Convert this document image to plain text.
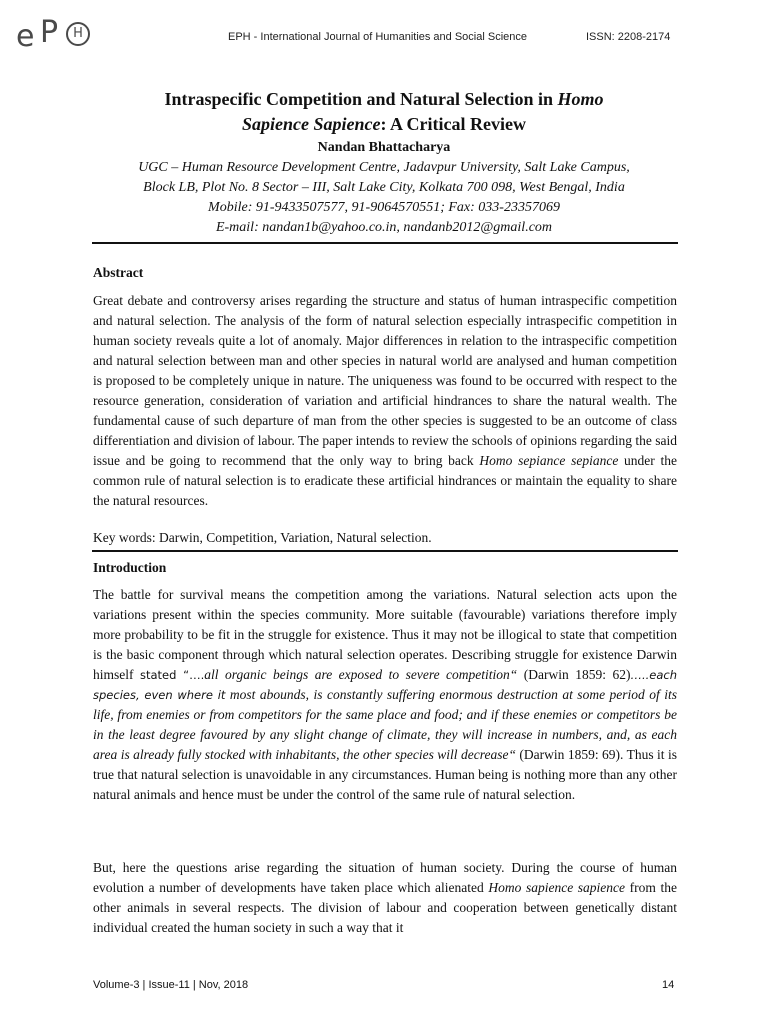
e P	H	EPH - International Journal of Humanities and Social Science	ISSN: 2208-2174
Intraspecific Competition and Natural Selection in Homo
Sapience Sapience: A Critical Review
Nandan Bhattacharya
UGC – Human Resource Development Centre, Jadavpur University, Salt Lake Campus,
Block LB, Plot No. 8 Sector – III, Salt Lake City, Kolkata 700 098, West Bengal, India
Mobile: 91-9433507577, 91-9064570551; Fax: 033-23357069
E-mail: nandan1b@yahoo.co.in, nandanb2012@gmail.com
Abstract
Great debate and controversy arises regarding the structure and status of human intraspecific competition and natural selection. The analysis of the form of natural selection especially intraspecific competition in human society reveals quite a lot of anomaly. Major differences in relation to the intraspecific competition and natural selection between man and other species in natural world are analysed and human competition is proposed to be completely unique in nature. The uniqueness was found to be occurred with respect to the resource generation, consideration of variation and artificial hindrances to share the natural wealth. The fundamental cause of such departure of man from the other species is suggested to be an outcome of class differentiation and division of labour. The paper intends to review the schools of opinions regarding the said issue and be going to recommend that the only way to bring back Homo sepiance sepiance under the common rule of natural selection is to eradicate these artificial hindrances or maintain the equality to share the natural resources.
Key words: Darwin, Competition, Variation, Natural selection.
Introduction
The battle for survival means the competition among the variations. Natural selection acts upon the variations present within the species community. More suitable (favourable) variations therefore imply more probability to be fit in the struggle for existence. Thus it may not be illogical to state that competition is the basic component through which natural selection operates. Describing struggle for existence Darwin himself stated “….all organic beings are exposed to severe competition“ (Darwin 1859: 62)…..each species, even where it most abounds, is constantly suffering enormous destruction at some period of its life, from enemies or from competitors for the same place and food; and if these enemies or competitors be in the least degree favoured by any slight change of climate, they will increase in numbers, and, as each area is already fully stocked with inhabitants, the other species will decrease“ (Darwin 1859: 69). Thus it is true that natural selection is unavoidable in any circumstances. Human being is nothing more than any other natural animals and hence must be under the control of the same rule of natural selection.
But, here the questions arise regarding the situation of human society. During the course of human evolution a number of developments have taken place which alienated Homo sapience sapience from the other animals in several respects. The division of labour and cooperation between genetically distant individual created the human society in such a way that it
Volume-3 | Issue-11 | Nov, 2018	14
